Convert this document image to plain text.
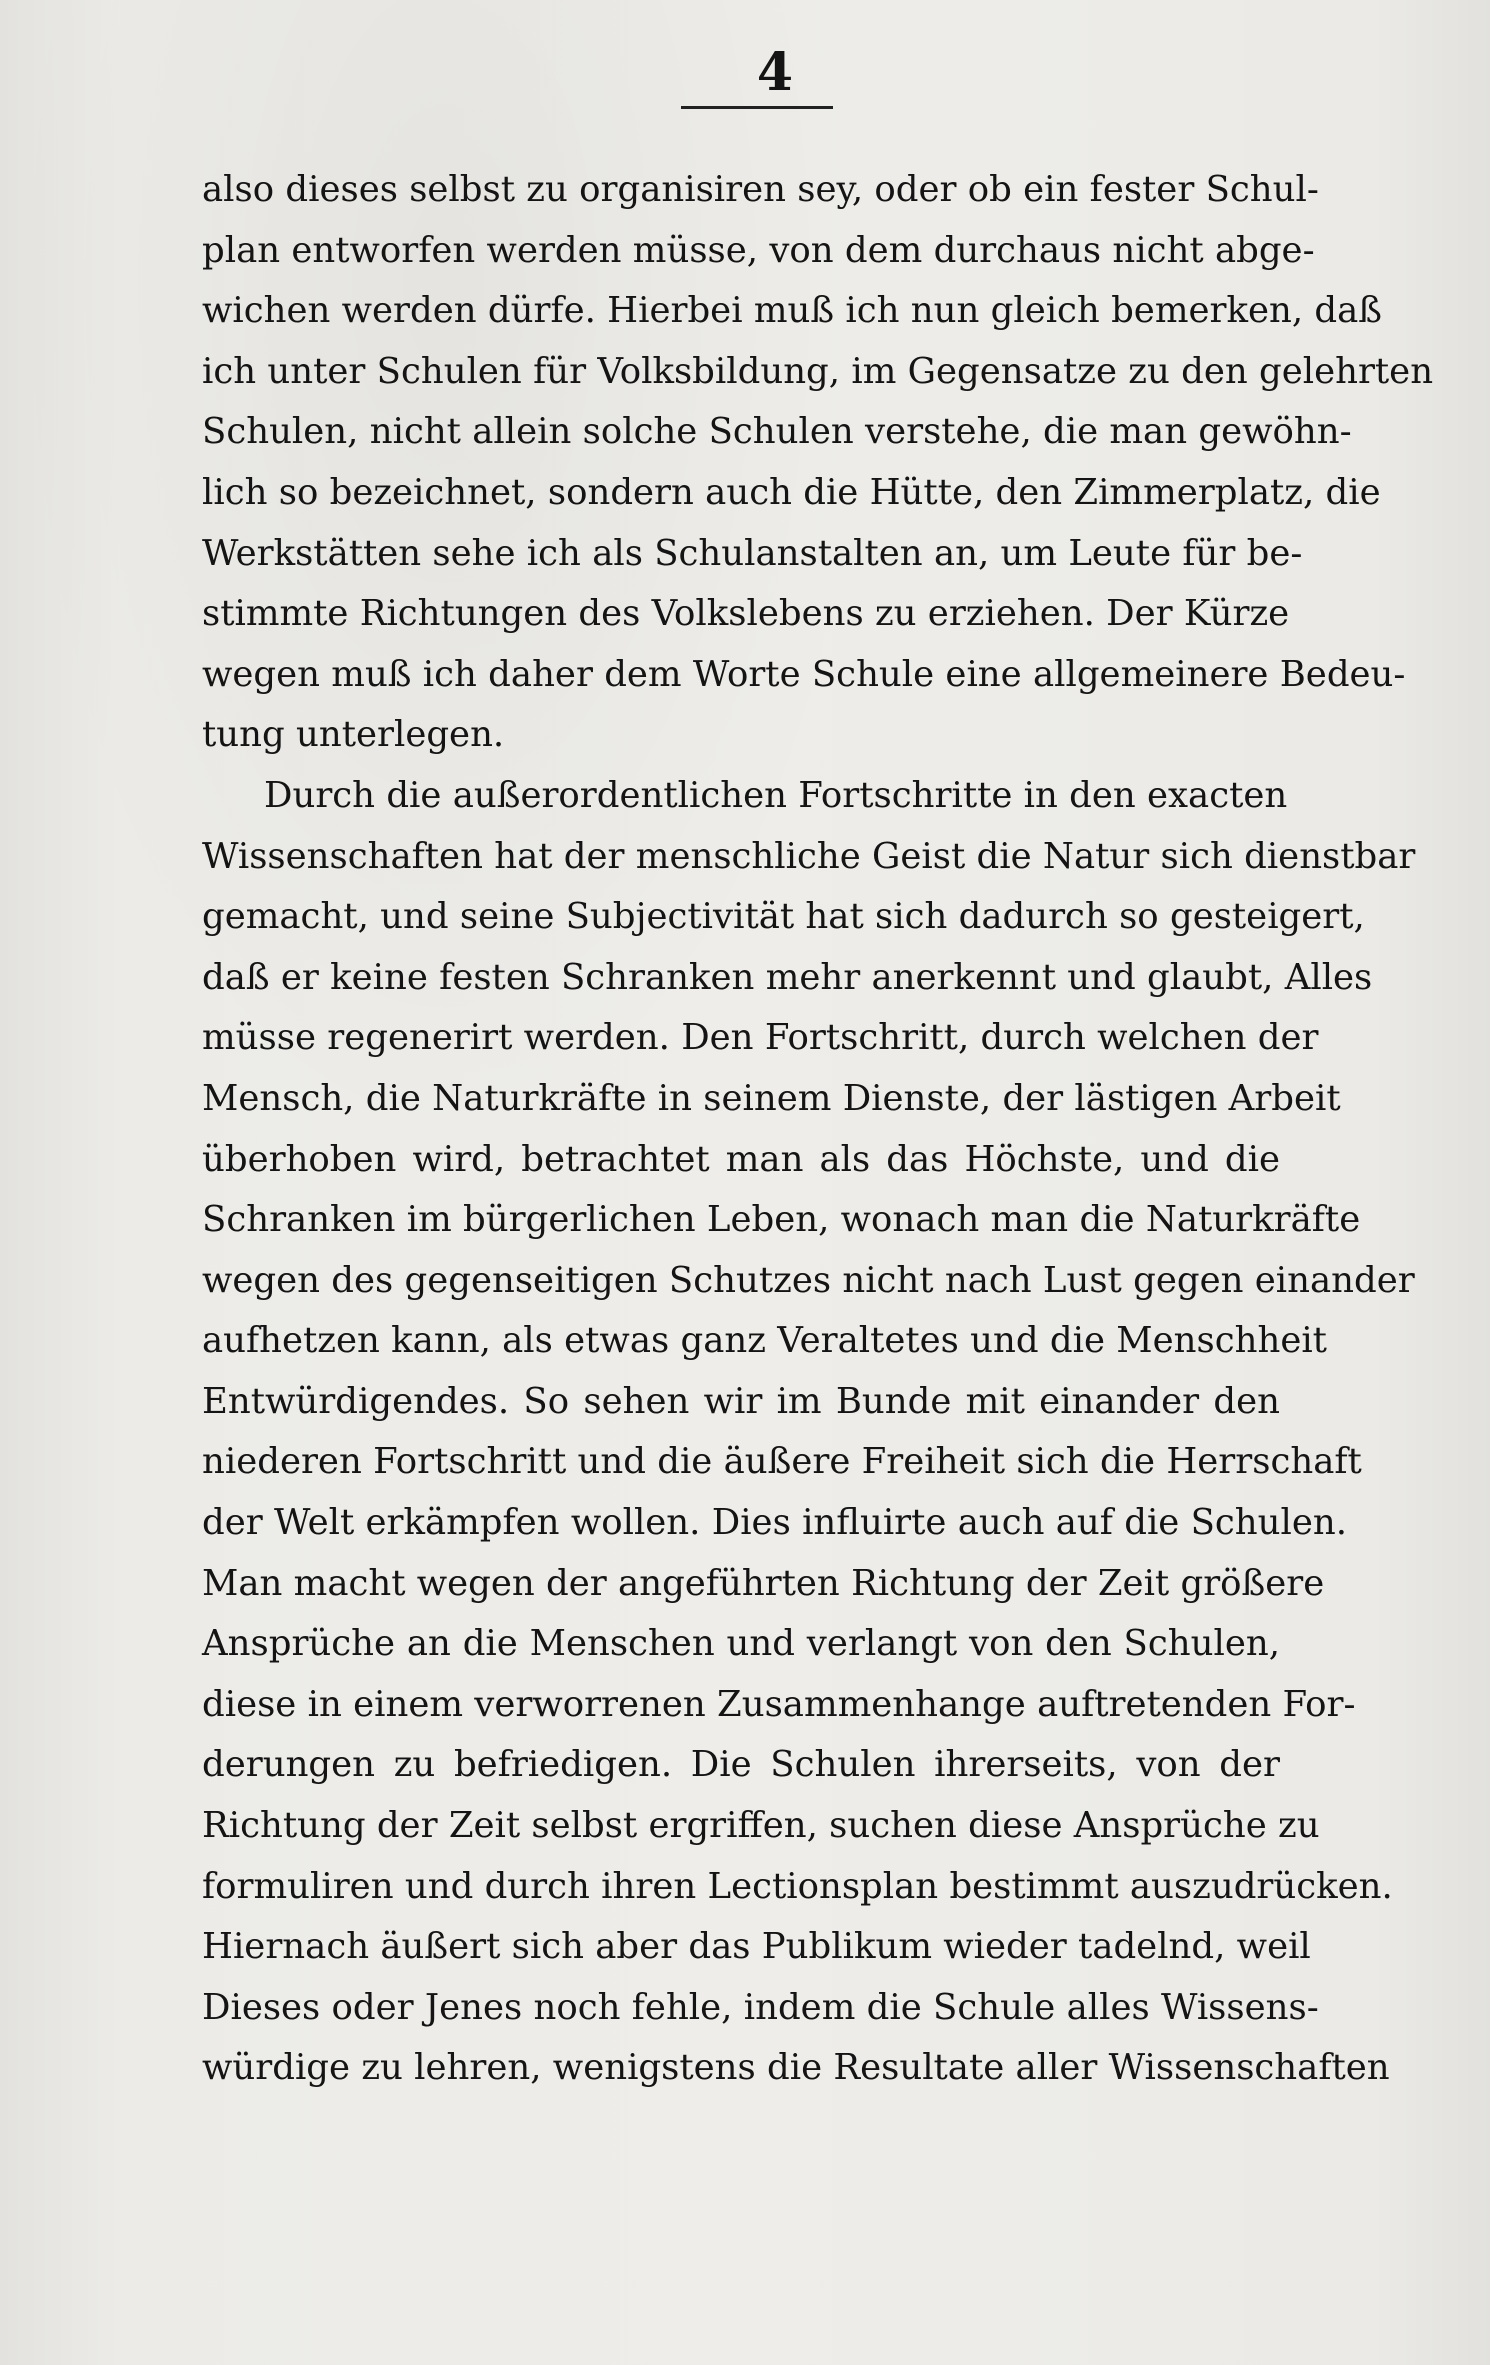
4
also dieses selbst zu organisiren sey, oder ob ein fester Schul-
plan entworfen werden müsse, von dem durchaus nicht abge-
wichen werden dürfe. Hierbei muß ich nun gleich bemerken, daß
ich unter Schulen für Volksbildung, im Gegensatze zu den gelehrten
Schulen, nicht allein solche Schulen verstehe, die man gewöhn-
lich so bezeichnet, sondern auch die Hütte, den Zimmerplatz, die
Werkstätten sehe ich als Schulanstalten an, um Leute für be-
stimmte Richtungen des Volkslebens zu erziehen. Der Kürze
wegen muß ich daher dem Worte Schule eine allgemeinere Bedeu-
tung unterlegen.
Durch die außerordentlichen Fortschritte in den exacten
Wissenschaften hat der menschliche Geist die Natur sich dienstbar
gemacht, und seine Subjectivität hat sich dadurch so gesteigert,
daß er keine festen Schranken mehr anerkennt und glaubt, Alles
müsse regenerirt werden. Den Fortschritt, durch welchen der
Mensch, die Naturkräfte in seinem Dienste, der lästigen Arbeit
überhoben wird, betrachtet man als das Höchste, und die
Schranken im bürgerlichen Leben, wonach man die Naturkräfte
wegen des gegenseitigen Schutzes nicht nach Lust gegen einander
aufhetzen kann, als etwas ganz Veraltetes und die Menschheit
Entwürdigendes. So sehen wir im Bunde mit einander den
niederen Fortschritt und die äußere Freiheit sich die Herrschaft
der Welt erkämpfen wollen. Dies influirte auch auf die Schulen.
Man macht wegen der angeführten Richtung der Zeit größere
Ansprüche an die Menschen und verlangt von den Schulen,
diese in einem verworrenen Zusammenhange auftretenden For-
derungen zu befriedigen. Die Schulen ihrerseits, von der
Richtung der Zeit selbst ergriffen, suchen diese Ansprüche zu
formuliren und durch ihren Lectionsplan bestimmt auszudrücken.
Hiernach äußert sich aber das Publikum wieder tadelnd, weil
Dieses oder Jenes noch fehle, indem die Schule alles Wissens-
würdige zu lehren, wenigstens die Resultate aller Wissenschaften
